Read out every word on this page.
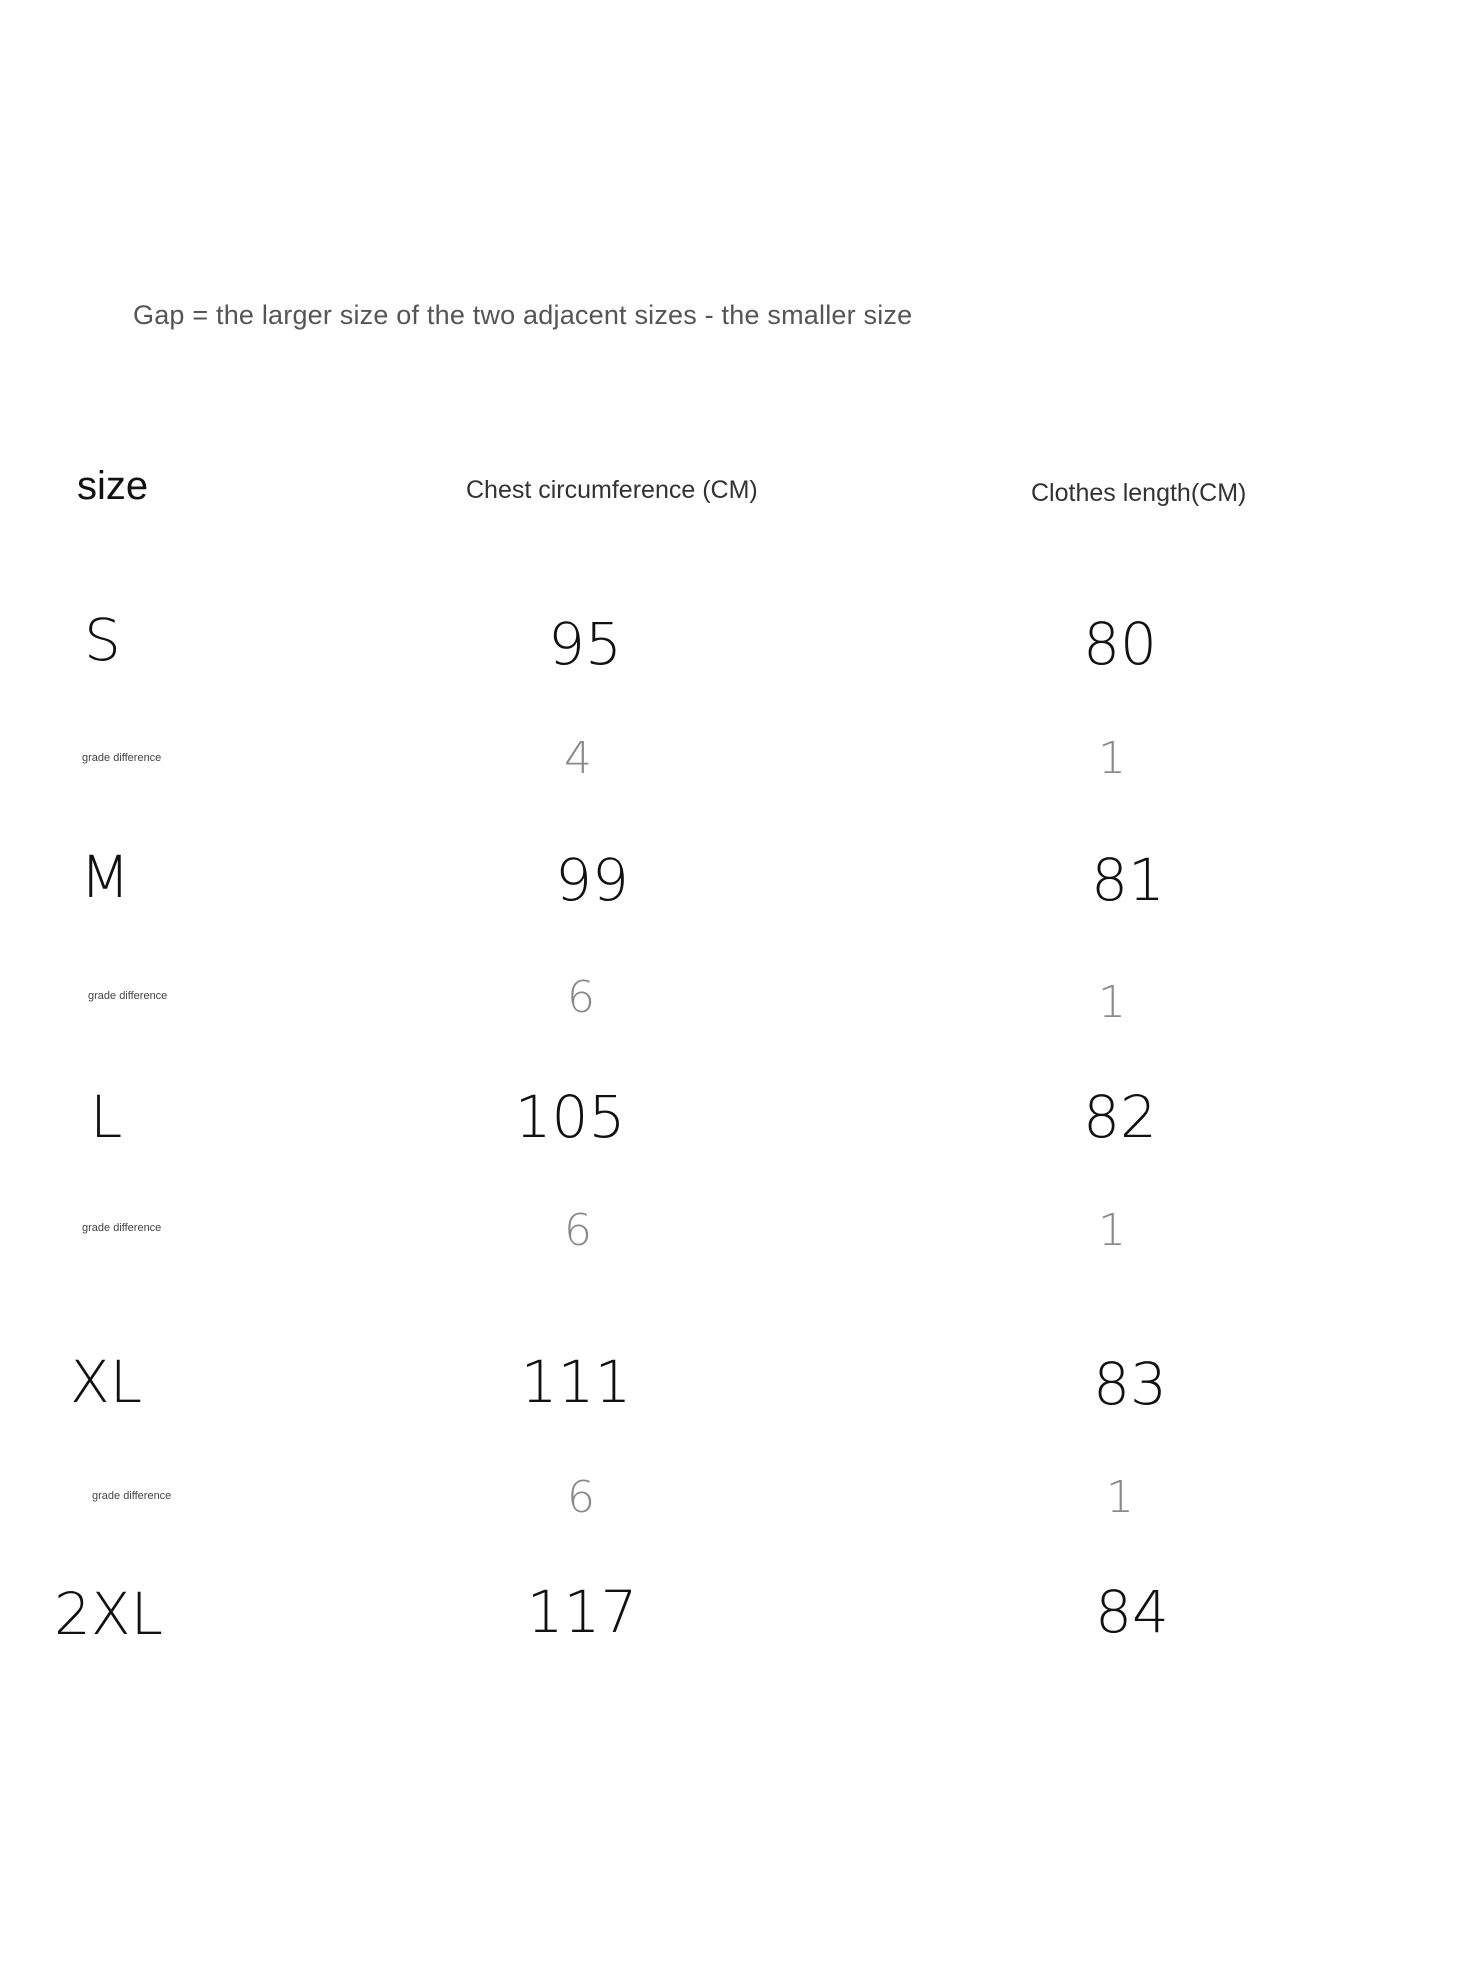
Gap = the larger size of the two adjacent sizes - the smaller size
size	Chest circumference (CM)	Clothes length(CM)
S	95	80
grade difference	4	1
M	99	81
grade difference	6	1
L	105	82
grade difference	6	1
XL	111	83
grade difference	6	1
2XL	117	84
